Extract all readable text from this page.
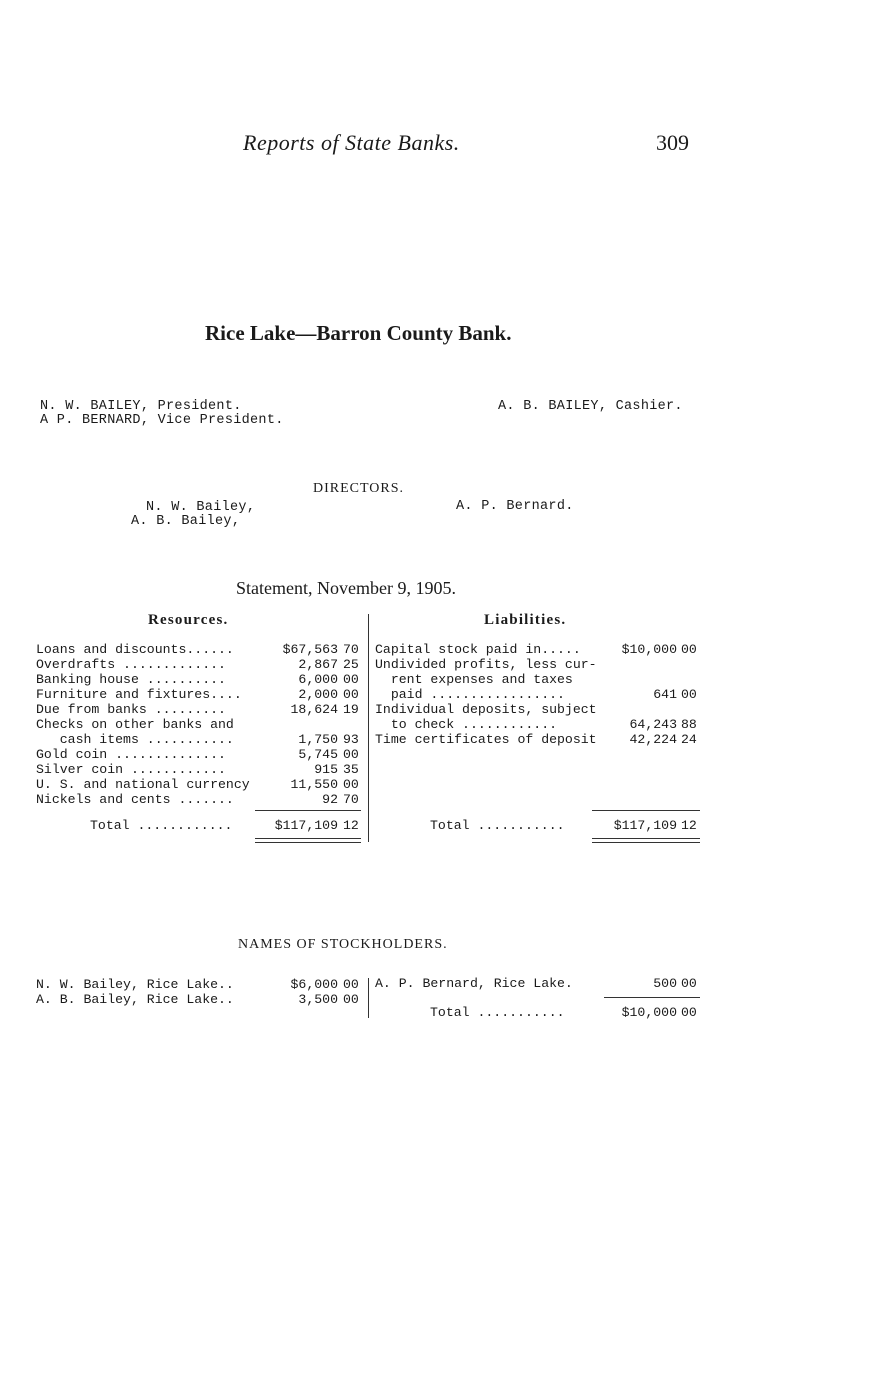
Reports of State Banks.	309
Rice Lake—Barron County Bank.
N. W. BAILEY, President.
A P. BERNARD, Vice President.
A. B. BAILEY, Cashier.
DIRECTORS.
N. W. Bailey,
A. B. Bailey,
A. P. Bernard.
Statement, November 9, 1905.
Resources.	Liabilities.
Loans and discounts......	$67,563 70
Overdrafts .............	2,867 25
Banking house ..........	6,000 00
Furniture and fixtures....	2,000 00
Due from banks .........	18,624 19
Checks on other banks and
cash items ...........	1,750 93
Gold coin ..............	5,745 00
Silver coin ............	915 35
U. S. and national currency	11,550 00
Nickels and cents .......	92 70
Total ............	$117,109 12
Capital stock paid in.....	$10,000 00
Undivided profits, less cur-
rent expenses and taxes
paid .................	641 00
Individual deposits, subject
to check ............	64,243 88
Time certificates of deposit 42,224 24
Total ...........	$117,109 12
NAMES OF STOCKHOLDERS.
N. W. Bailey, Rice Lake..	$6,000 00
A. B. Bailey, Rice Lake..	3,500 00
A. P. Bernard, Rice Lake.	500 00
Total ...........	$10,000 00
